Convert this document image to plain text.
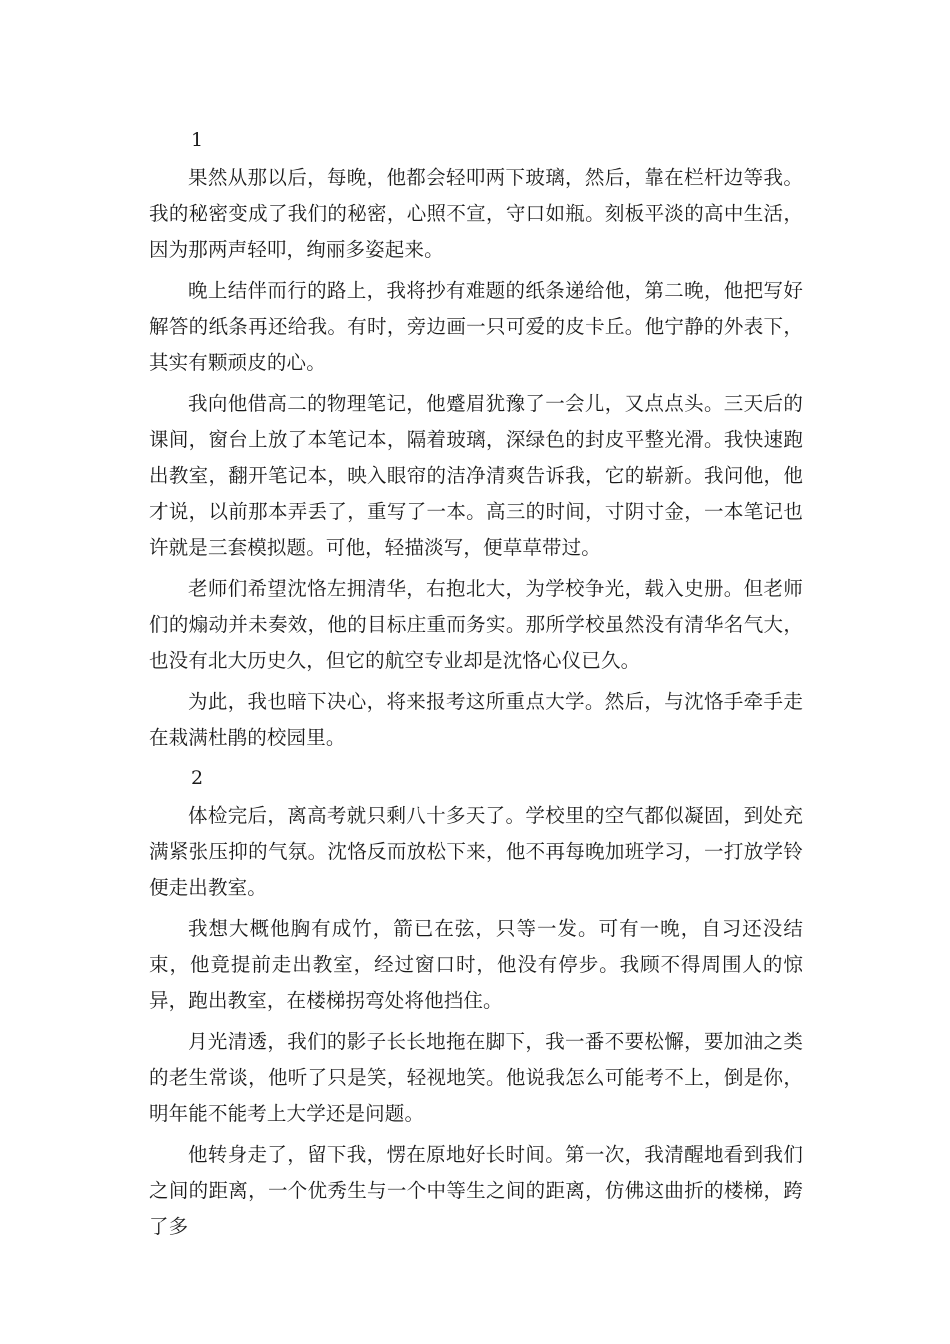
1

果然从那以后，每晚，他都会轻叩两下玻璃，然后，靠在栏杆边等我。我的秘密变成了我们的秘密，心照不宣，守口如瓶。刻板平淡的高中生活，因为那两声轻叩，绚丽多姿起来。

晚上结伴而行的路上，我将抄有难题的纸条递给他，第二晚，他把写好解答的纸条再还给我。有时，旁边画一只可爱的皮卡丘。他宁静的外表下，其实有颗顽皮的心。

我向他借高二的物理笔记，他蹙眉犹豫了一会儿，又点点头。三天后的课间，窗台上放了本笔记本，隔着玻璃，深绿色的封皮平整光滑。我快速跑出教室，翻开笔记本，映入眼帘的洁净清爽告诉我，它的崭新。我问他，他才说，以前那本弄丢了，重写了一本。高三的时间，寸阴寸金，一本笔记也许就是三套模拟题。可他，轻描淡写，便草草带过。

老师们希望沈恪左拥清华，右抱北大，为学校争光，载入史册。但老师们的煽动并未奏效，他的目标庄重而务实。那所学校虽然没有清华名气大，也没有北大历史久，但它的航空专业却是沈恪心仪已久。

为此，我也暗下决心，将来报考这所重点大学。然后，与沈恪手牵手走在栽满杜鹃的校园里。

2

体检完后，离高考就只剩八十多天了。学校里的空气都似凝固，到处充满紧张压抑的气氛。沈恪反而放松下来，他不再每晚加班学习，一打放学铃便走出教室。

我想大概他胸有成竹，箭已在弦，只等一发。可有一晚，自习还没结束，他竟提前走出教室，经过窗口时，他没有停步。我顾不得周围人的惊异，跑出教室，在楼梯拐弯处将他挡住。

月光清透，我们的影子长长地拖在脚下，我一番不要松懈，要加油之类的老生常谈，他听了只是笑，轻视地笑。他说我怎么可能考不上，倒是你，明年能不能考上大学还是问题。

他转身走了，留下我，愣在原地好长时间。第一次，我清醒地看到我们之间的距离，一个优秀生与一个中等生之间的距离，仿佛这曲折的楼梯，跨了多
